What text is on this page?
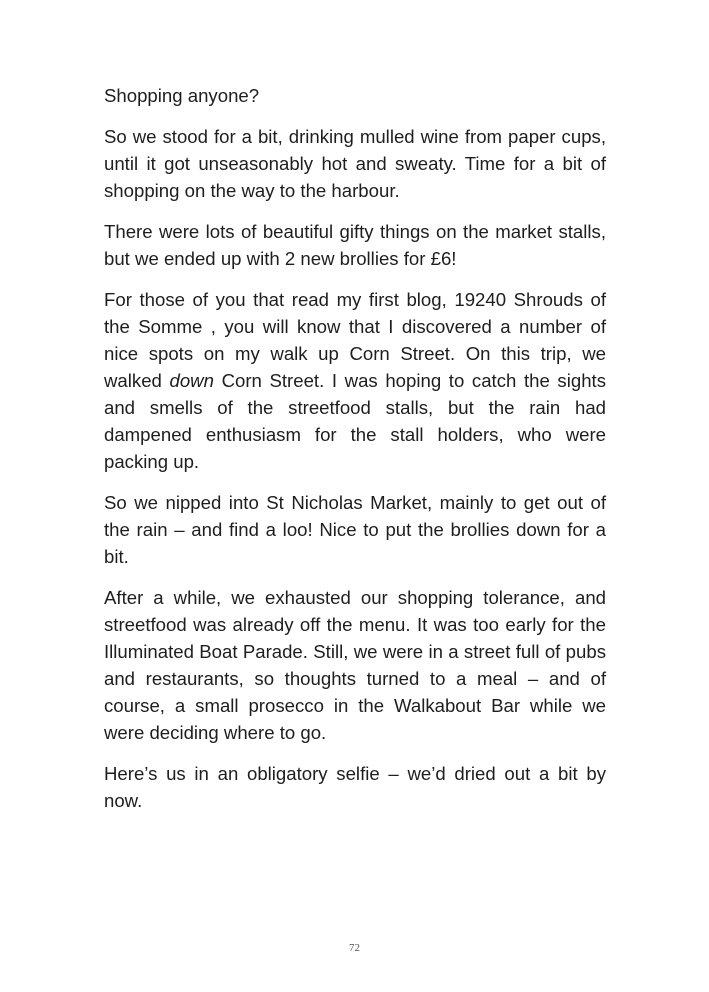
Shopping anyone?

So we stood for a bit, drinking mulled wine from paper cups, until it got unseasonably hot and sweaty. Time for a bit of shopping on the way to the harbour.

There were lots of beautiful gifty things on the market stalls, but we ended up with 2 new brollies for £6!

For those of you that read my first blog, 19240 Shrouds of the Somme , you will know that I discovered a number of nice spots on my walk up Corn Street. On this trip, we walked down Corn Street. I was hoping to catch the sights and smells of the streetfood stalls, but the rain had dampened enthusiasm for the stall holders, who were packing up.

So we nipped into St Nicholas Market, mainly to get out of the rain – and find a loo! Nice to put the brollies down for a bit.

After a while, we exhausted our shopping tolerance, and streetfood was already off the menu. It was too early for the Illuminated Boat Parade. Still, we were in a street full of pubs and restaurants, so thoughts turned to a meal – and of course, a small prosecco in the Walkabout Bar while we were deciding where to go.

Here’s us in an obligatory selfie – we’d dried out a bit by now.

72
